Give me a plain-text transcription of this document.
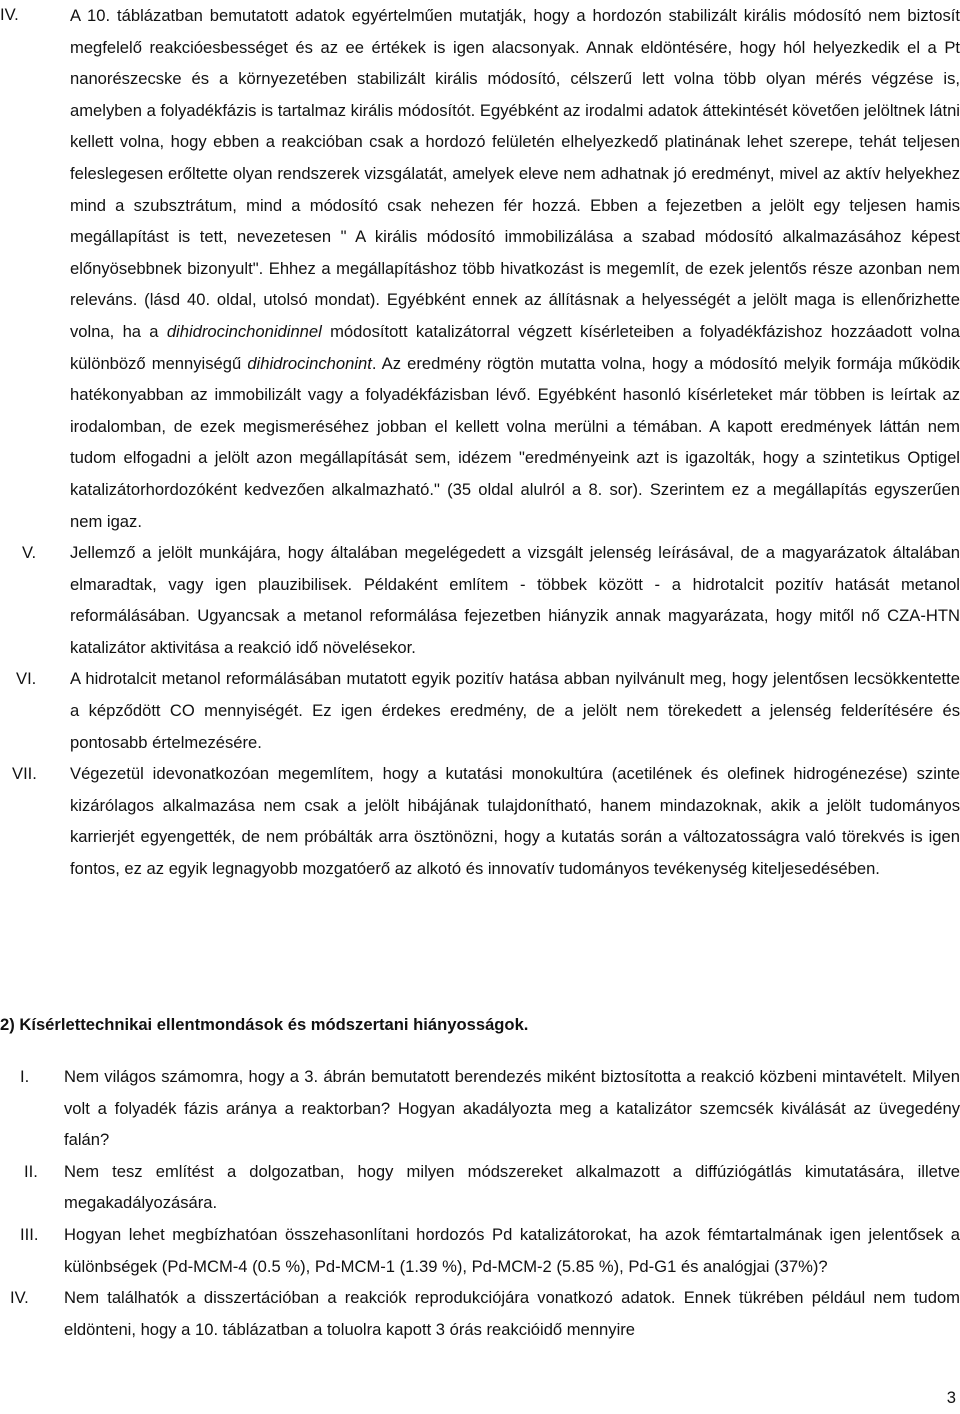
IV.	A 10. táblázatban bemutatott adatok egyértelműen mutatják, hogy a hordozón stabilizált királis módosító nem biztosít megfelelő reakcióesbességet és az ee értékek is igen alacsonyak. Annak eldöntésére, hogy hól helyezkedik el a Pt nanorészecske és a környezetében stabilizált királis módosító, célszerű lett volna több olyan mérés végzése is, amelyben a folyadékfázis is tartalmaz királis módosítót. Egyébként az irodalmi adatok áttekintését követően jelöltnek látni kellett volna, hogy ebben a reakcióban csak a hordozó felületén elhelyezkedő platinának lehet szerepe, tehát teljesen feleslegesen erőltette olyan rendszerek vizsgálatát, amelyek eleve nem adhatnak jó eredményt, mivel az aktív helyekhez mind a szubsztrátum, mind a módosító csak nehezen fér hozzá. Ebben a fejezetben a jelölt egy teljesen hamis megállapítást is tett, nevezetesen " A királis módosító immobilizálása a szabad módosító alkalmazásához képest előnyösebbnek bizonyult". Ehhez a megállapításhoz több hivatkozást is megemlít, de ezek jelentős része azonban nem releváns. (lásd 40. oldal, utolsó mondat). Egyébként ennek az állításnak a helyességét a jelölt maga is ellenőrizhette volna, ha a dihidrocinchonidinnel módosított katalizátorral végzett kísérleteiben a folyadékfázishoz hozzáadott volna különböző mennyiségű dihidrocinchonint. Az eredmény rögtön mutatta volna, hogy a módosító melyik formája működik hatékonyabban az immobilizált vagy a folyadékfázisban lévő. Egyébként hasonló kísérleteket már többen is leírtak az irodalomban, de ezek megismeréséhez jobban el kellett volna merülni a témában. A kapott eredmények láttán nem tudom elfogadni a jelölt azon megállapítását sem, idézem "eredményeink azt is igazolták, hogy a szintetikus Optigel katalizátorhordozóként kedvezően alkalmazható." (35 oldal alulról a 8. sor). Szerintem ez a megállapítás egyszerűen nem igaz.

V. Jellemző a jelölt munkájára, hogy általában megelégedett a vizsgált jelenség leírásával, de a magyarázatok általában elmaradtak, vagy igen plauzibilisek. Példaként említem - többek között - a hidrotalcit pozitív hatását metanol reformálásában. Ugyancsak a metanol reformálása fejezetben hiányzik annak magyarázata, hogy mitől nő CZA-HTN katalizátor aktivitása a reakció idő növelésekor.

VI. A hidrotalcit metanol reformálásában mutatott egyik pozitív hatása abban nyilvánult meg, hogy jelentősen lecsökkentette a képződött CO mennyiségét. Ez igen érdekes eredmény, de a jelölt nem törekedett a jelenség felderítésére és pontosabb értelmezésére.

VII. Végezetül idevonatkozóan megemlítem, hogy a kutatási monokultúra (acetilének és olefinek hidrogénezése) szinte kizárólagos alkalmazása nem csak a jelölt hibájának tulajdonítható, hanem mindazoknak, akik a jelölt tudományos karrierjét egyengették, de nem próbálták arra ösztönözni, hogy a kutatás során a változatosságra való törekvés is igen fontos, ez az egyik legnagyobb mozgatóerő az alkotó és innovatív tudományos tevékenység kiteljesedésében.

2) Kísérlettechnikai ellentmondások és módszertani hiányosságok.

I. Nem világos számomra, hogy a 3. ábrán bemutatott berendezés miként biztosította a reakció közbeni mintavételt. Milyen volt a folyadék fázis aránya a reaktorban? Hogyan akadályozta meg a katalizátor szemcsék kiválását az üvegedény falán?

II. Nem tesz említést a dolgozatban, hogy milyen módszereket alkalmazott a diffúziógátlás kimutatására, illetve megakadályozására.

III. Hogyan lehet megbízhatóan összehasonlítani hordozós Pd katalizátorokat, ha azok fémtartalmának igen jelentősek a különbségek (Pd-MCM-4 (0.5 %), Pd-MCM-1 (1.39 %), Pd-MCM-2 (5.85 %), Pd-G1 és analógjai (37%)?

IV. Nem találhatók a disszertációban a reakciók reprodukciójára vonatkozó adatok. Ennek tükrében például nem tudom eldönteni, hogy a 10. táblázatban a toluolra kapott 3 órás reakcióidő mennyire

3
